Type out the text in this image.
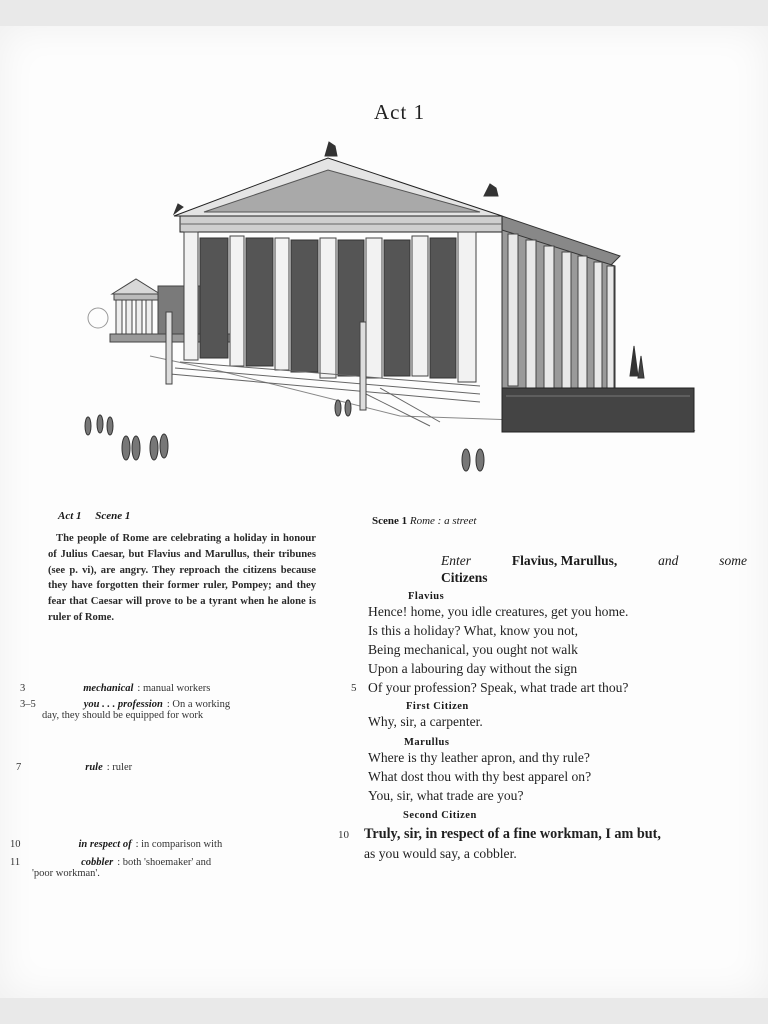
Act 1
Act 1 Scene 1
The people of Rome are celebrating a holiday in honour of Julius Caesar, but Flavius and Marullus, their tribunes (see p. vi), are angry. They reproach the citizens because they have forgotten their former ruler, Pompey; and they fear that Caesar will prove to be a tyrant when he alone is ruler of Rome.
3	mechanical : manual workers
3–5	you . . . profession : On a working
day, they should be equipped for work
7	rule : ruler
10	in respect of : in comparison with
11	cobbler : both 'shoemaker' and
'poor workman'.
Scene 1 Rome : a street
Enter	Flavius, Marullus,	and	some
Citizens
Flavius
Hence! home, you idle creatures, get you home.
Is this a holiday? What, know you not,
Being mechanical, you ought not walk
Upon a labouring day without the sign
5 Of your profession? Speak, what trade art thou?
First Citizen
Why, sir, a carpenter.
Marullus
Where is thy leather apron, and thy rule?
What dost thou with thy best apparel on?
You, sir, what trade are you?
Second Citizen
10 Truly, sir, in respect of a fine workman, I am but,
as you would say, a cobbler.
